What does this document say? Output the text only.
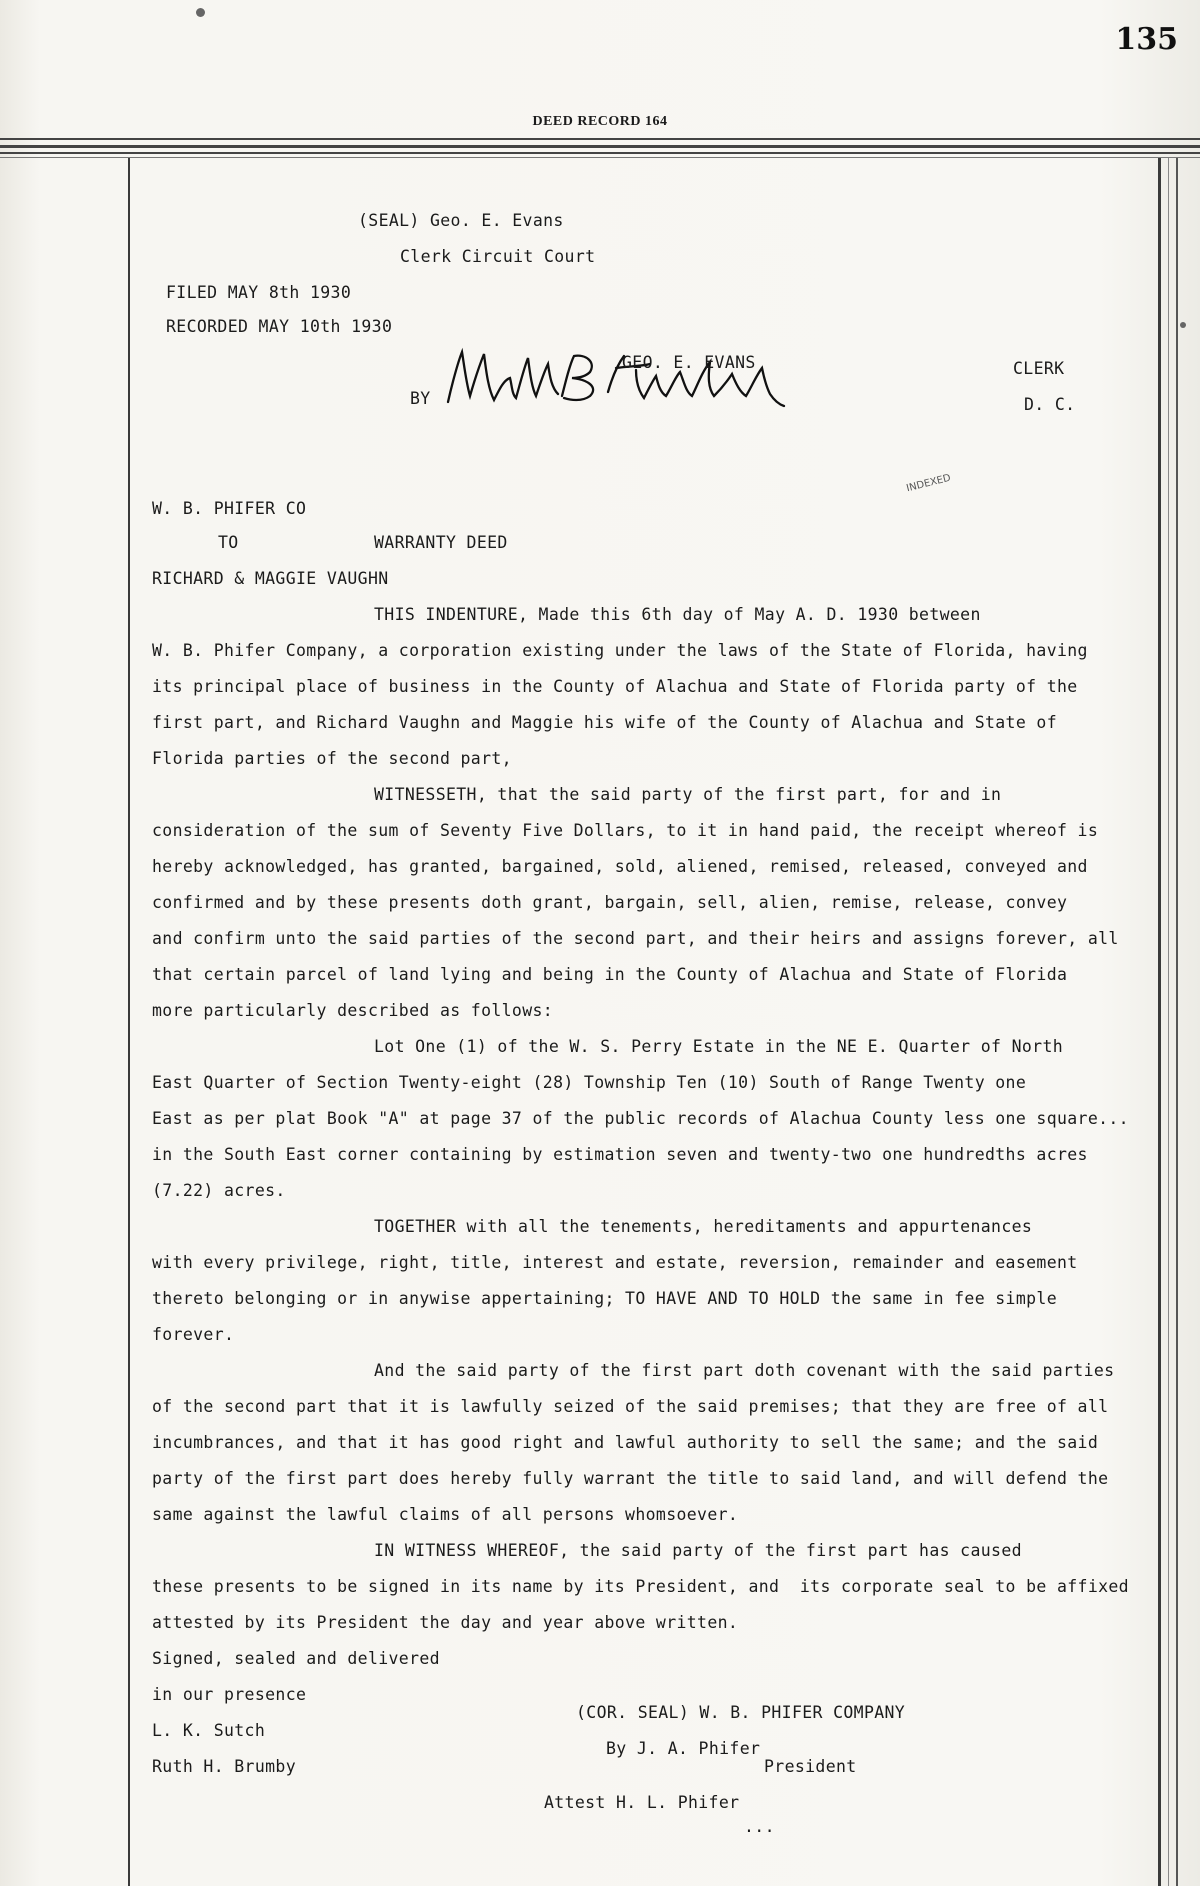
135
DEED RECORD 164
INDEXED
(SEAL) Geo. E. Evans
Clerk Circuit Court
FILED MAY 8th 1930
RECORDED MAY 10th 1930
GEO. E. EVANS	CLERK
BY	D. C.
W. B. PHIFER CO
TO	WARRANTY DEED
RICHARD & MAGGIE VAUGHN
THIS INDENTURE, Made this 6th day of May A. D. 1930 between
W. B. Phifer Company, a corporation existing under the laws of the State of Florida, having
its principal place of business in the County of Alachua and State of Florida party of the
first part, and Richard Vaughn and Maggie his wife of the County of Alachua and State of
Florida parties of the second part,
WITNESSETH, that the said party of the first part, for and in
consideration of the sum of Seventy Five Dollars, to it in hand paid, the receipt whereof is
hereby acknowledged, has granted, bargained, sold, aliened, remised, released, conveyed and
confirmed and by these presents doth grant, bargain, sell, alien, remise, release, convey
and confirm unto the said parties of the second part, and their heirs and assigns forever, all
that certain parcel of land lying and being in the County of Alachua and State of Florida
more particularly described as follows:
Lot One (1) of the W. S. Perry Estate in the NE E. Quarter of North
East Quarter of Section Twenty-eight (28) Township Ten (10) South of Range Twenty one
East as per plat Book "A" at page 37 of the public records of Alachua County less one square...
in the South East corner containing by estimation seven and twenty-two one hundredths acres
(7.22) acres.
TOGETHER with all the tenements, hereditaments and appurtenances
with every privilege, right, title, interest and estate, reversion, remainder and easement
thereto belonging or in anywise appertaining; TO HAVE AND TO HOLD the same in fee simple
forever.
And the said party of the first part doth covenant with the said parties
of the second part that it is lawfully seized of the said premises; that they are free of all
incumbrances, and that it has good right and lawful authority to sell the same; and the said
party of the first part does hereby fully warrant the title to said land, and will defend the
same against the lawful claims of all persons whomsoever.
IN WITNESS WHEREOF, the said party of the first part has caused
these presents to be signed in its name by its President, and  its corporate seal to be affixed
attested by its President the day and year above written.
Signed, sealed and delivered
in our presence
(COR. SEAL) W. B. PHIFER COMPANY
L. K. Sutch
By J. A. Phifer
Ruth H. Brumby	President
Attest H. L. Phifer
...
